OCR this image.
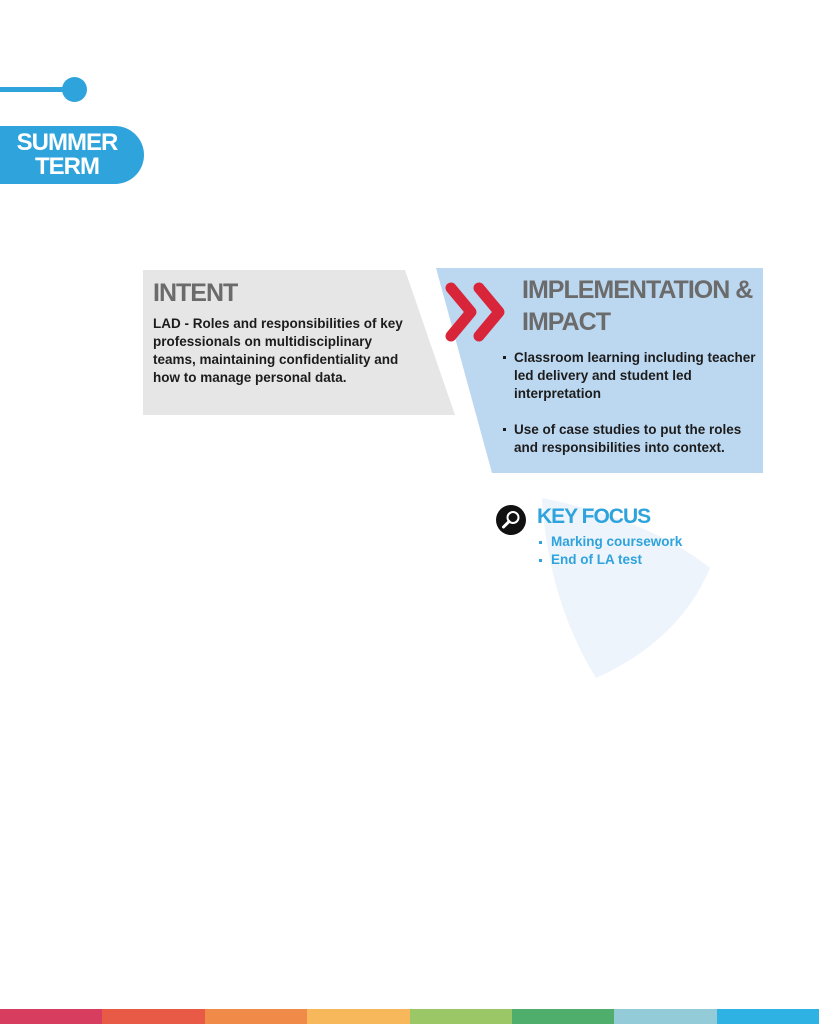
SUMMER
TERM
INTENT
LAD - Roles and responsibilities of key professionals on multidisciplinary teams, maintaining confidentiality and how to manage personal data.
IMPLEMENTATION & IMPACT
Classroom learning including teacher led delivery and student led interpretation
Use of case studies to put the roles and responsibilities into context.
KEY FOCUS
Marking coursework
End of LA test
